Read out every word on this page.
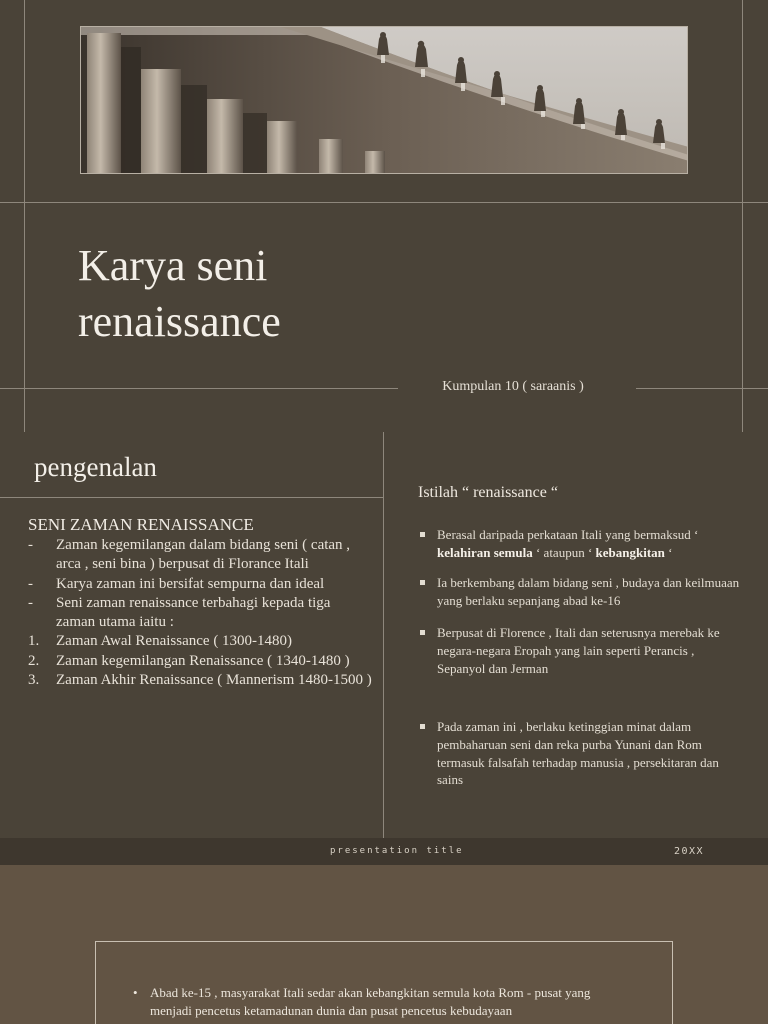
Karya seni
renaissance
Kumpulan 10 ( saraanis )
pengenalan
SENI ZAMAN RENAISSANCE
-	Zaman kegemilangan dalam bidang seni ( catan , arca , seni bina ) berpusat di Florance Itali
-	Karya zaman ini bersifat sempurna dan ideal
-	Seni zaman renaissance terbahagi kepada tiga zaman utama iaitu :
1.	Zaman Awal Renaissance ( 1300-1480)
2.	Zaman kegemilangan Renaissance ( 1340-1480 )
3.	Zaman Akhir Renaissance ( Mannerism 1480-1500 )
Istilah “ renaissance “
Berasal daripada perkataan Itali yang bermaksud ‘ kelahiran semula ‘ ataupun ‘ kebangkitan ‘
Ia berkembang dalam bidang seni , budaya dan keilmuaan yang berlaku sepanjang abad ke-16
Berpusat di Florence , Itali dan seterusnya merebak ke negara-negara Eropah yang lain seperti Perancis , Sepanyol dan Jerman
Pada zaman ini , berlaku ketinggian minat dalam pembaharuan seni dan reka purba Yunani dan Rom termasuk falsafah terhadap manusia , persekitaran dan sains
presentation title	20XX
• Abad ke-15 , masyarakat Itali sedar akan kebangkitan semula kota Rom - pusat yang menjadi pencetus ketamadunan dunia dan pusat pencetus kebudayaan
